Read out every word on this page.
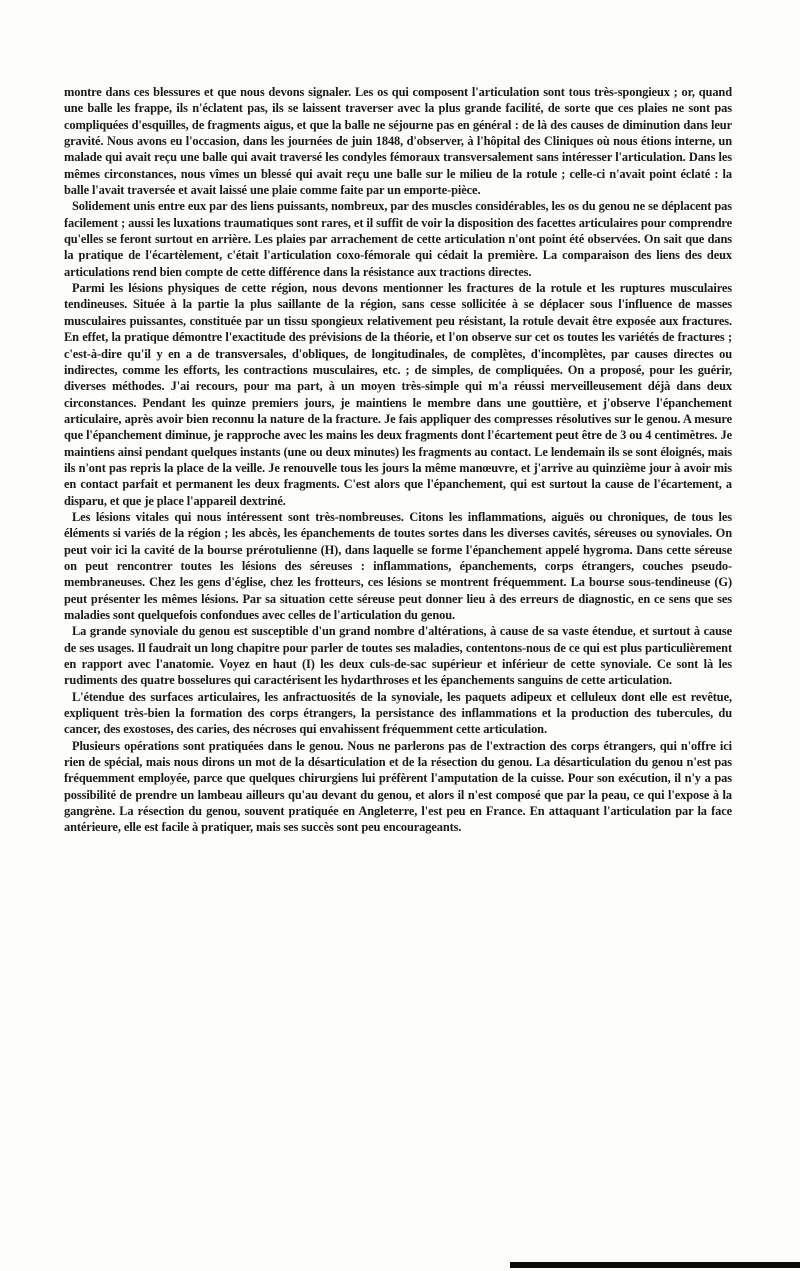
montre dans ces blessures et que nous devons signaler. Les os qui composent l'articulation sont tous très-spongieux ; or, quand une balle les frappe, ils n'éclatent pas, ils se laissent traverser avec la plus grande facilité, de sorte que ces plaies ne sont pas compliquées d'esquilles, de fragments aigus, et que la balle ne séjourne pas en général : de là des causes de diminution dans leur gravité. Nous avons eu l'occasion, dans les journées de juin 1848, d'observer, à l'hôpital des Cliniques où nous étions interne, un malade qui avait reçu une balle qui avait traversé les condyles fémoraux transversalement sans intéresser l'articulation. Dans les mêmes circonstances, nous vîmes un blessé qui avait reçu une balle sur le milieu de la rotule ; celle-ci n'avait point éclaté : la balle l'avait traversée et avait laissé une plaie comme faite par un emporte-pièce.

Solidement unis entre eux par des liens puissants, nombreux, par des muscles considérables, les os du genou ne se déplacent pas facilement ; aussi les luxations traumatiques sont rares, et il suffit de voir la disposition des facettes articulaires pour comprendre qu'elles se feront surtout en arrière. Les plaies par arrachement de cette articulation n'ont point été observées. On sait que dans la pratique de l'écartèlement, c'était l'articulation coxo-fémorale qui cédait la première. La comparaison des liens des deux articulations rend bien compte de cette différence dans la résistance aux tractions directes.

Parmi les lésions physiques de cette région, nous devons mentionner les fractures de la rotule et les ruptures musculaires tendineuses. Située à la partie la plus saillante de la région, sans cesse sollicitée à se déplacer sous l'influence de masses musculaires puissantes, constituée par un tissu spongieux relativement peu résistant, la rotule devait être exposée aux fractures. En effet, la pratique démontre l'exactitude des prévisions de la théorie, et l'on observe sur cet os toutes les variétés de fractures ; c'est-à-dire qu'il y en a de transversales, d'obliques, de longitudinales, de complètes, d'incomplètes, par causes directes ou indirectes, comme les efforts, les contractions musculaires, etc. ; de simples, de compliquées. On a proposé, pour les guérir, diverses méthodes. J'ai recours, pour ma part, à un moyen très-simple qui m'a réussi merveilleusement déjà dans deux circonstances. Pendant les quinze premiers jours, je maintiens le membre dans une gouttière, et j'observe l'épanchement articulaire, après avoir bien reconnu la nature de la fracture. Je fais appliquer des compresses résolutives sur le genou. A mesure que l'épanchement diminue, je rapproche avec les mains les deux fragments dont l'écartement peut être de 3 ou 4 centimètres. Je maintiens ainsi pendant quelques instants (une ou deux minutes) les fragments au contact. Le lendemain ils se sont éloignés, mais ils n'ont pas repris la place de la veille. Je renouvelle tous les jours la même manœuvre, et j'arrive au quinzième jour à avoir mis en contact parfait et permanent les deux fragments. C'est alors que l'épanchement, qui est surtout la cause de l'écartement, a disparu, et que je place l'appareil dextriné.

Les lésions vitales qui nous intéressent sont très-nombreuses. Citons les inflammations, aiguës ou chroniques, de tous les éléments si variés de la région ; les abcès, les épanchements de toutes sortes dans les diverses cavités, séreuses ou synoviales. On peut voir ici la cavité de la bourse prérotulienne (H), dans laquelle se forme l'épanchement appelé hygroma. Dans cette séreuse on peut rencontrer toutes les lésions des séreuses : inflammations, épanchements, corps étrangers, couches pseudo-membraneuses. Chez les gens d'église, chez les frotteurs, ces lésions se montrent fréquemment. La bourse sous-tendineuse (G) peut présenter les mêmes lésions. Par sa situation cette séreuse peut donner lieu à des erreurs de diagnostic, en ce sens que ses maladies sont quelquefois confondues avec celles de l'articulation du genou.

La grande synoviale du genou est susceptible d'un grand nombre d'altérations, à cause de sa vaste étendue, et surtout à cause de ses usages. Il faudrait un long chapitre pour parler de toutes ses maladies, contentons-nous de ce qui est plus particulièrement en rapport avec l'anatomie. Voyez en haut (I) les deux culs-de-sac supérieur et inférieur de cette synoviale. Ce sont là les rudiments des quatre bosselures qui caractérisent les hydarthroses et les épanchements sanguins de cette articulation.

L'étendue des surfaces articulaires, les anfractuosités de la synoviale, les paquets adipeux et celluleux dont elle est revêtue, expliquent très-bien la formation des corps étrangers, la persistance des inflammations et la production des tubercules, du cancer, des exostoses, des caries, des nécroses qui envahissent fréquemment cette articulation.

Plusieurs opérations sont pratiquées dans le genou. Nous ne parlerons pas de l'extraction des corps étrangers, qui n'offre ici rien de spécial, mais nous dirons un mot de la désarticulation et de la résection du genou. La désarticulation du genou n'est pas fréquemment employée, parce que quelques chirurgiens lui préfèrent l'amputation de la cuisse. Pour son exécution, il n'y a pas possibilité de prendre un lambeau ailleurs qu'au devant du genou, et alors il n'est composé que par la peau, ce qui l'expose à la gangrène. La résection du genou, souvent pratiquée en Angleterre, l'est peu en France. En attaquant l'articulation par la face antérieure, elle est facile à pratiquer, mais ses succès sont peu encourageants.
